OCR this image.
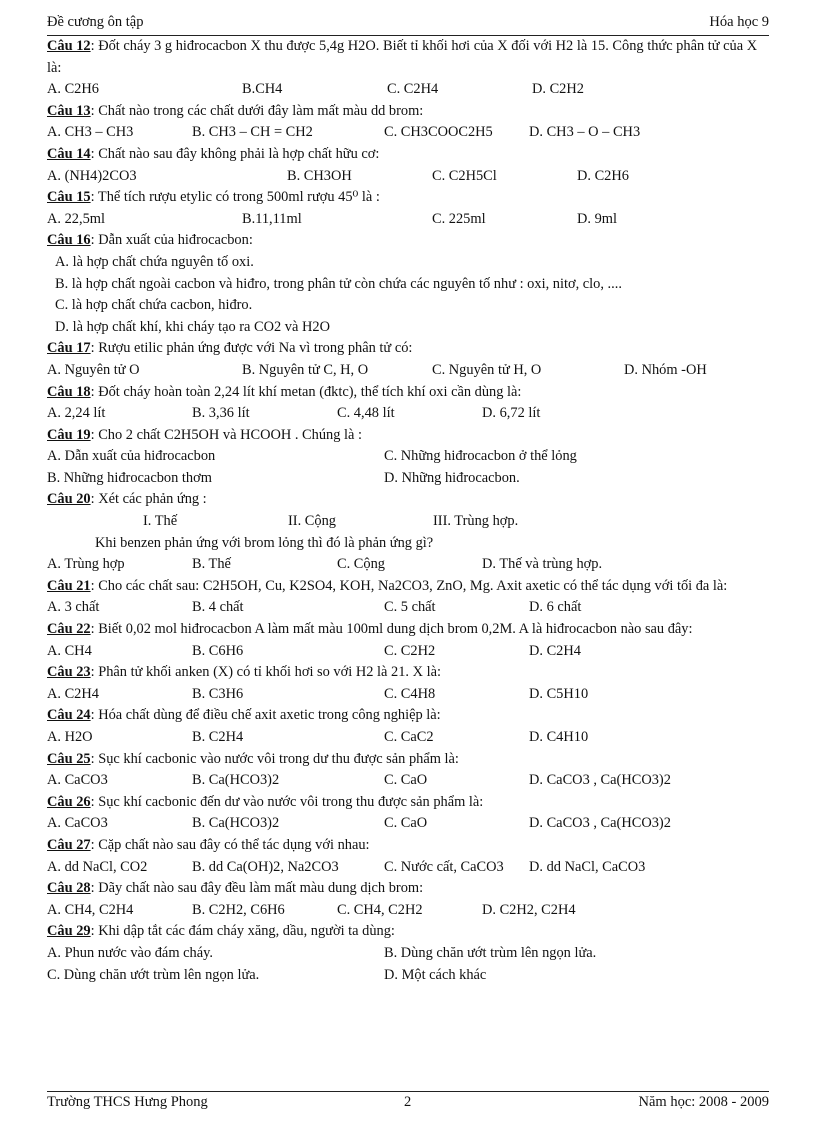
Đề cương ôn tập	Hóa học 9

Câu 12: Đốt cháy 3 g hiđrocacbon X thu được 5,4g H2O. Biết tỉ khối hơi của X đối với H2 là 15. Công thức phân tử của X là:

A. C2H6	B.CH4	C. C2H4	D. C2H2

Câu 13: Chất nào trong các chất dưới đây làm mất màu dd brom:

A. CH3 – CH3	B. CH3 – CH = CH2	C. CH3COOC2H5	D. CH3 – O – CH3

Câu 14: Chất nào sau đây không phải là hợp chất hữu cơ:

A. (NH4)2CO3	B. CH3OH	C. C2H5Cl	D. C2H6

Câu 15: Thể tích rượu etylic có trong 500ml rượu 45⁰ là :

A. 22,5ml	B.11,11ml	C. 225ml	D. 9ml

Câu 16: Dẫn xuất của hiđrocacbon:

A. là hợp chất chứa nguyên tố oxi.
B. là hợp chất ngoài cacbon và hiđro, trong phân tử còn chứa các nguyên tố như : oxi, nitơ, clo, ....
C. là hợp chất chứa cacbon, hiđro.
D. là hợp chất khí, khi cháy tạo ra CO2 và H2O

Câu 17: Rượu etilic phản ứng được với Na vì trong phân tử có:

A. Nguyên tử O	B. Nguyên tử C, H, O	C. Nguyên tử H, O	D. Nhóm -OH

Câu 18: Đốt cháy hoàn toàn 2,24 lít khí metan (đktc), thể tích khí oxi cần dùng là:

A. 2,24 lít	B. 3,36 lít	C. 4,48 lít	D. 6,72 lít

Câu 19: Cho 2 chất C2H5OH và HCOOH . Chúng là :

A. Dẫn xuất của hiđrocacbon	C. Những hiđrocacbon ở thể lỏng
B. Những hiđrocacbon thơm	D. Những hiđrocacbon.

Câu 20: Xét các phản ứng :

I. Thế	II. Cộng	III. Trùng hợp.
Khi benzen phản ứng với brom lỏng thì đó là phản ứng gì?
A. Trùng hợp	B. Thế	C. Cộng	D. Thế và trùng hợp.

Câu 21: Cho các chất sau: C2H5OH, Cu, K2SO4, KOH, Na2CO3, ZnO, Mg. Axit axetic có thể tác dụng với tối đa là:

A. 3 chất	B. 4 chất	C. 5 chất	D. 6 chất

Câu 22: Biết 0,02 mol hiđrocacbon A làm mất màu 100ml dung dịch brom 0,2M. A là hiđrocacbon nào sau đây:

A. CH4	B. C6H6	C. C2H2	D. C2H4

Câu 23: Phân tử khối anken (X) có tỉ khối hơi so với H2 là 21. X là:

A. C2H4	B. C3H6	C. C4H8	D. C5H10

Câu 24: Hóa chất dùng để điều chế axit axetic trong công nghiệp là:

A. H2O	B. C2H4	C. CaC2	D. C4H10

Câu 25: Sục khí cacbonic vào nước vôi trong dư thu được sản phẩm là:

A. CaCO3	B. Ca(HCO3)2	C. CaO	D. CaCO3 , Ca(HCO3)2

Câu 26: Sục khí cacbonic đến dư vào nước vôi trong thu được sản phẩm là:

A. CaCO3	B. Ca(HCO3)2	C. CaO	D. CaCO3 , Ca(HCO3)2

Câu 27: Cặp chất nào sau đây có thể tác dụng với nhau:

A. dd NaCl, CO2	B. dd Ca(OH)2, Na2CO3	C. Nước cất, CaCO3	D. dd NaCl, CaCO3

Câu 28: Dãy chất nào sau đây đều làm mất màu dung dịch brom:

A. CH4, C2H4	B. C2H2, C6H6	C. CH4, C2H2	D. C2H2, C2H4

Câu 29: Khi dập tắt các đám cháy xăng, dầu, người ta dùng:

A. Phun nước vào đám cháy.	B. Dùng chăn ướt trùm lên ngọn lửa.
C. Dùng chăn ướt trùm lên ngọn lửa.	D. Một cách khác
Trường THCS Hưng Phong	2	Năm học: 2008 - 2009
